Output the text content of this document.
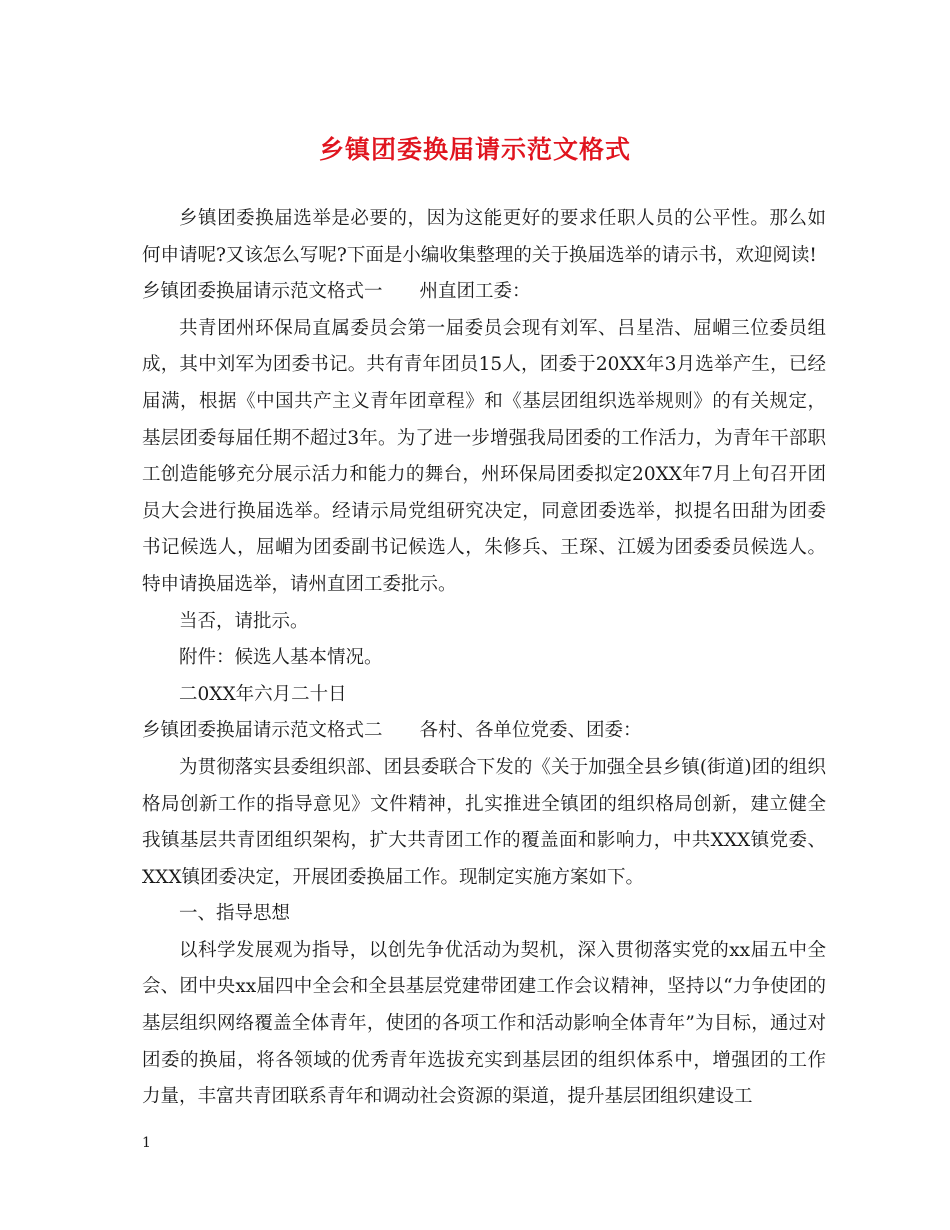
乡镇团委换届请示范文格式

乡镇团委换届选举是必要的，因为这能更好的要求任职人员的公平性。那么如何申请呢?又该怎么写呢?下面是小编收集整理的关于换届选举的请示书，欢迎阅读!

乡镇团委换届请示范文格式一　　州直团工委：

共青团州环保局直属委员会第一届委员会现有刘军、吕星浩、屈嵋三位委员组成，其中刘军为团委书记。共有青年团员15人，团委于20XX年3月选举产生，已经届满，根据《中国共产主义青年团章程》和《基层团组织选举规则》的有关规定，基层团委每届任期不超过3年。为了进一步增强我局团委的工作活力，为青年干部职工创造能够充分展示活力和能力的舞台，州环保局团委拟定20XX年7月上旬召开团员大会进行换届选举。经请示局党组研究决定，同意团委选举，拟提名田甜为团委书记候选人，屈嵋为团委副书记候选人，朱修兵、王琛、江媛为团委委员候选人。特申请换届选举，请州直团工委批示。

当否，请批示。

附件：候选人基本情况。

二0XX年六月二十日

乡镇团委换届请示范文格式二　　各村、各单位党委、团委：

为贯彻落实县委组织部、团县委联合下发的《关于加强全县乡镇(街道)团的组织格局创新工作的指导意见》文件精神，扎实推进全镇团的组织格局创新，建立健全我镇基层共青团组织架构，扩大共青团工作的覆盖面和影响力，中共XXX镇党委、XXX镇团委决定，开展团委换届工作。现制定实施方案如下。

一、指导思想

以科学发展观为指导，以创先争优活动为契机，深入贯彻落实党的xx届五中全会、团中央xx届四中全会和全县基层党建带团建工作会议精神，坚持以“力争使团的基层组织网络覆盖全体青年，使团的各项工作和活动影响全体青年”为目标，通过对团委的换届，将各领域的优秀青年选拔充实到基层团的组织体系中，增强团的工作力量，丰富共青团联系青年和调动社会资源的渠道，提升基层团组织建设工

1
